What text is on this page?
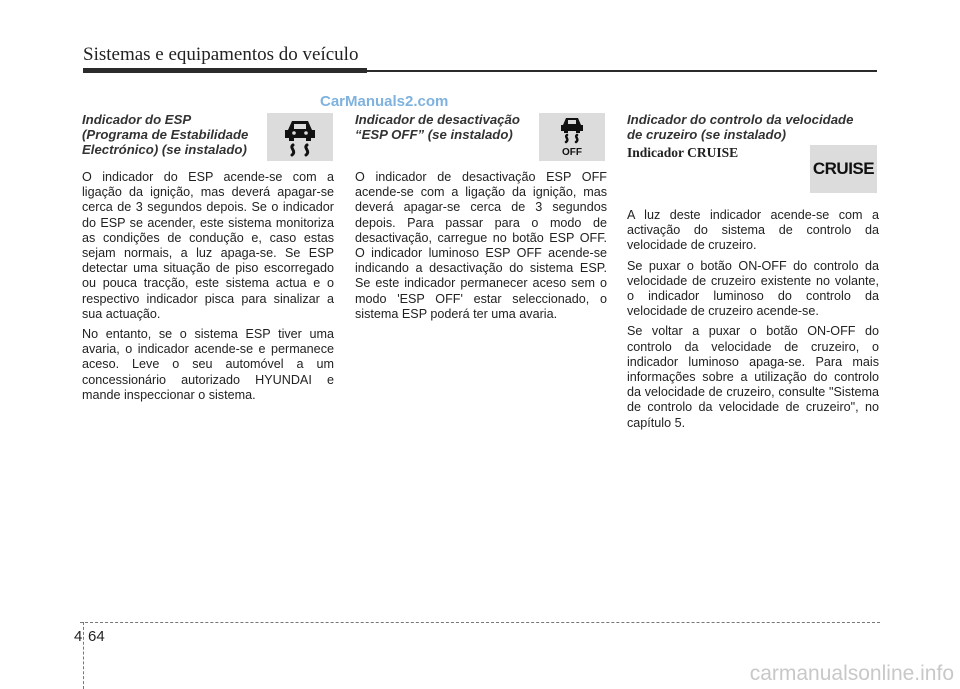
Sistemas e equipamentos do veículo
CarManuals2.com
Indicador do ESP
(Programa de Estabilidade
Electrónico) (se instalado)

O indicador do ESP acende-se com a ligação da ignição, mas deverá apagar-se cerca de 3 segundos depois. Se o indicador do ESP se acender, este sistema monitoriza as condições de condução e, caso estas sejam normais, a luz apaga-se. Se ESP detectar uma situação de piso escorregado ou pouca tracção, este sistema actua e o respectivo indicador pisca para sinalizar a sua actuação.

No entanto, se o sistema ESP tiver uma avaria, o indicador acende-se e permanece aceso. Leve o seu automóvel a um concessionário autorizado HYUNDAI e mande inspeccionar o sistema.

Indicador de desactivação
“ESP OFF” (se instalado)

O indicador de desactivação ESP OFF acende-se com a ligação da ignição, mas deverá apagar-se cerca de 3 segundos depois. Para passar para o modo de desactivação, carregue no botão ESP OFF. O indicador luminoso ESP OFF acende-se indicando a desactivação do sistema ESP. Se este indicador permanecer aceso sem o modo 'ESP OFF' estar seleccionado, o sistema ESP poderá ter uma avaria.

Indicador do controlo da velocidade
de cruzeiro (se instalado)
Indicador CRUISE

A luz deste indicador acende-se com a activação do sistema de controlo da velocidade de cruzeiro.

Se puxar o botão ON-OFF do controlo da velocidade de cruzeiro existente no volante, o indicador luminoso do controlo da velocidade de cruzeiro acende-se.

Se voltar a puxar o botão ON-OFF do controlo da velocidade de cruzeiro, o indicador luminoso apaga-se. Para mais informações sobre a utilização do controlo da velocidade de cruzeiro, consulte "Sistema de controlo da velocidade de cruzeiro", no capítulo 5.

OFF
CRUISE
4 64
carmanualsonline.info
